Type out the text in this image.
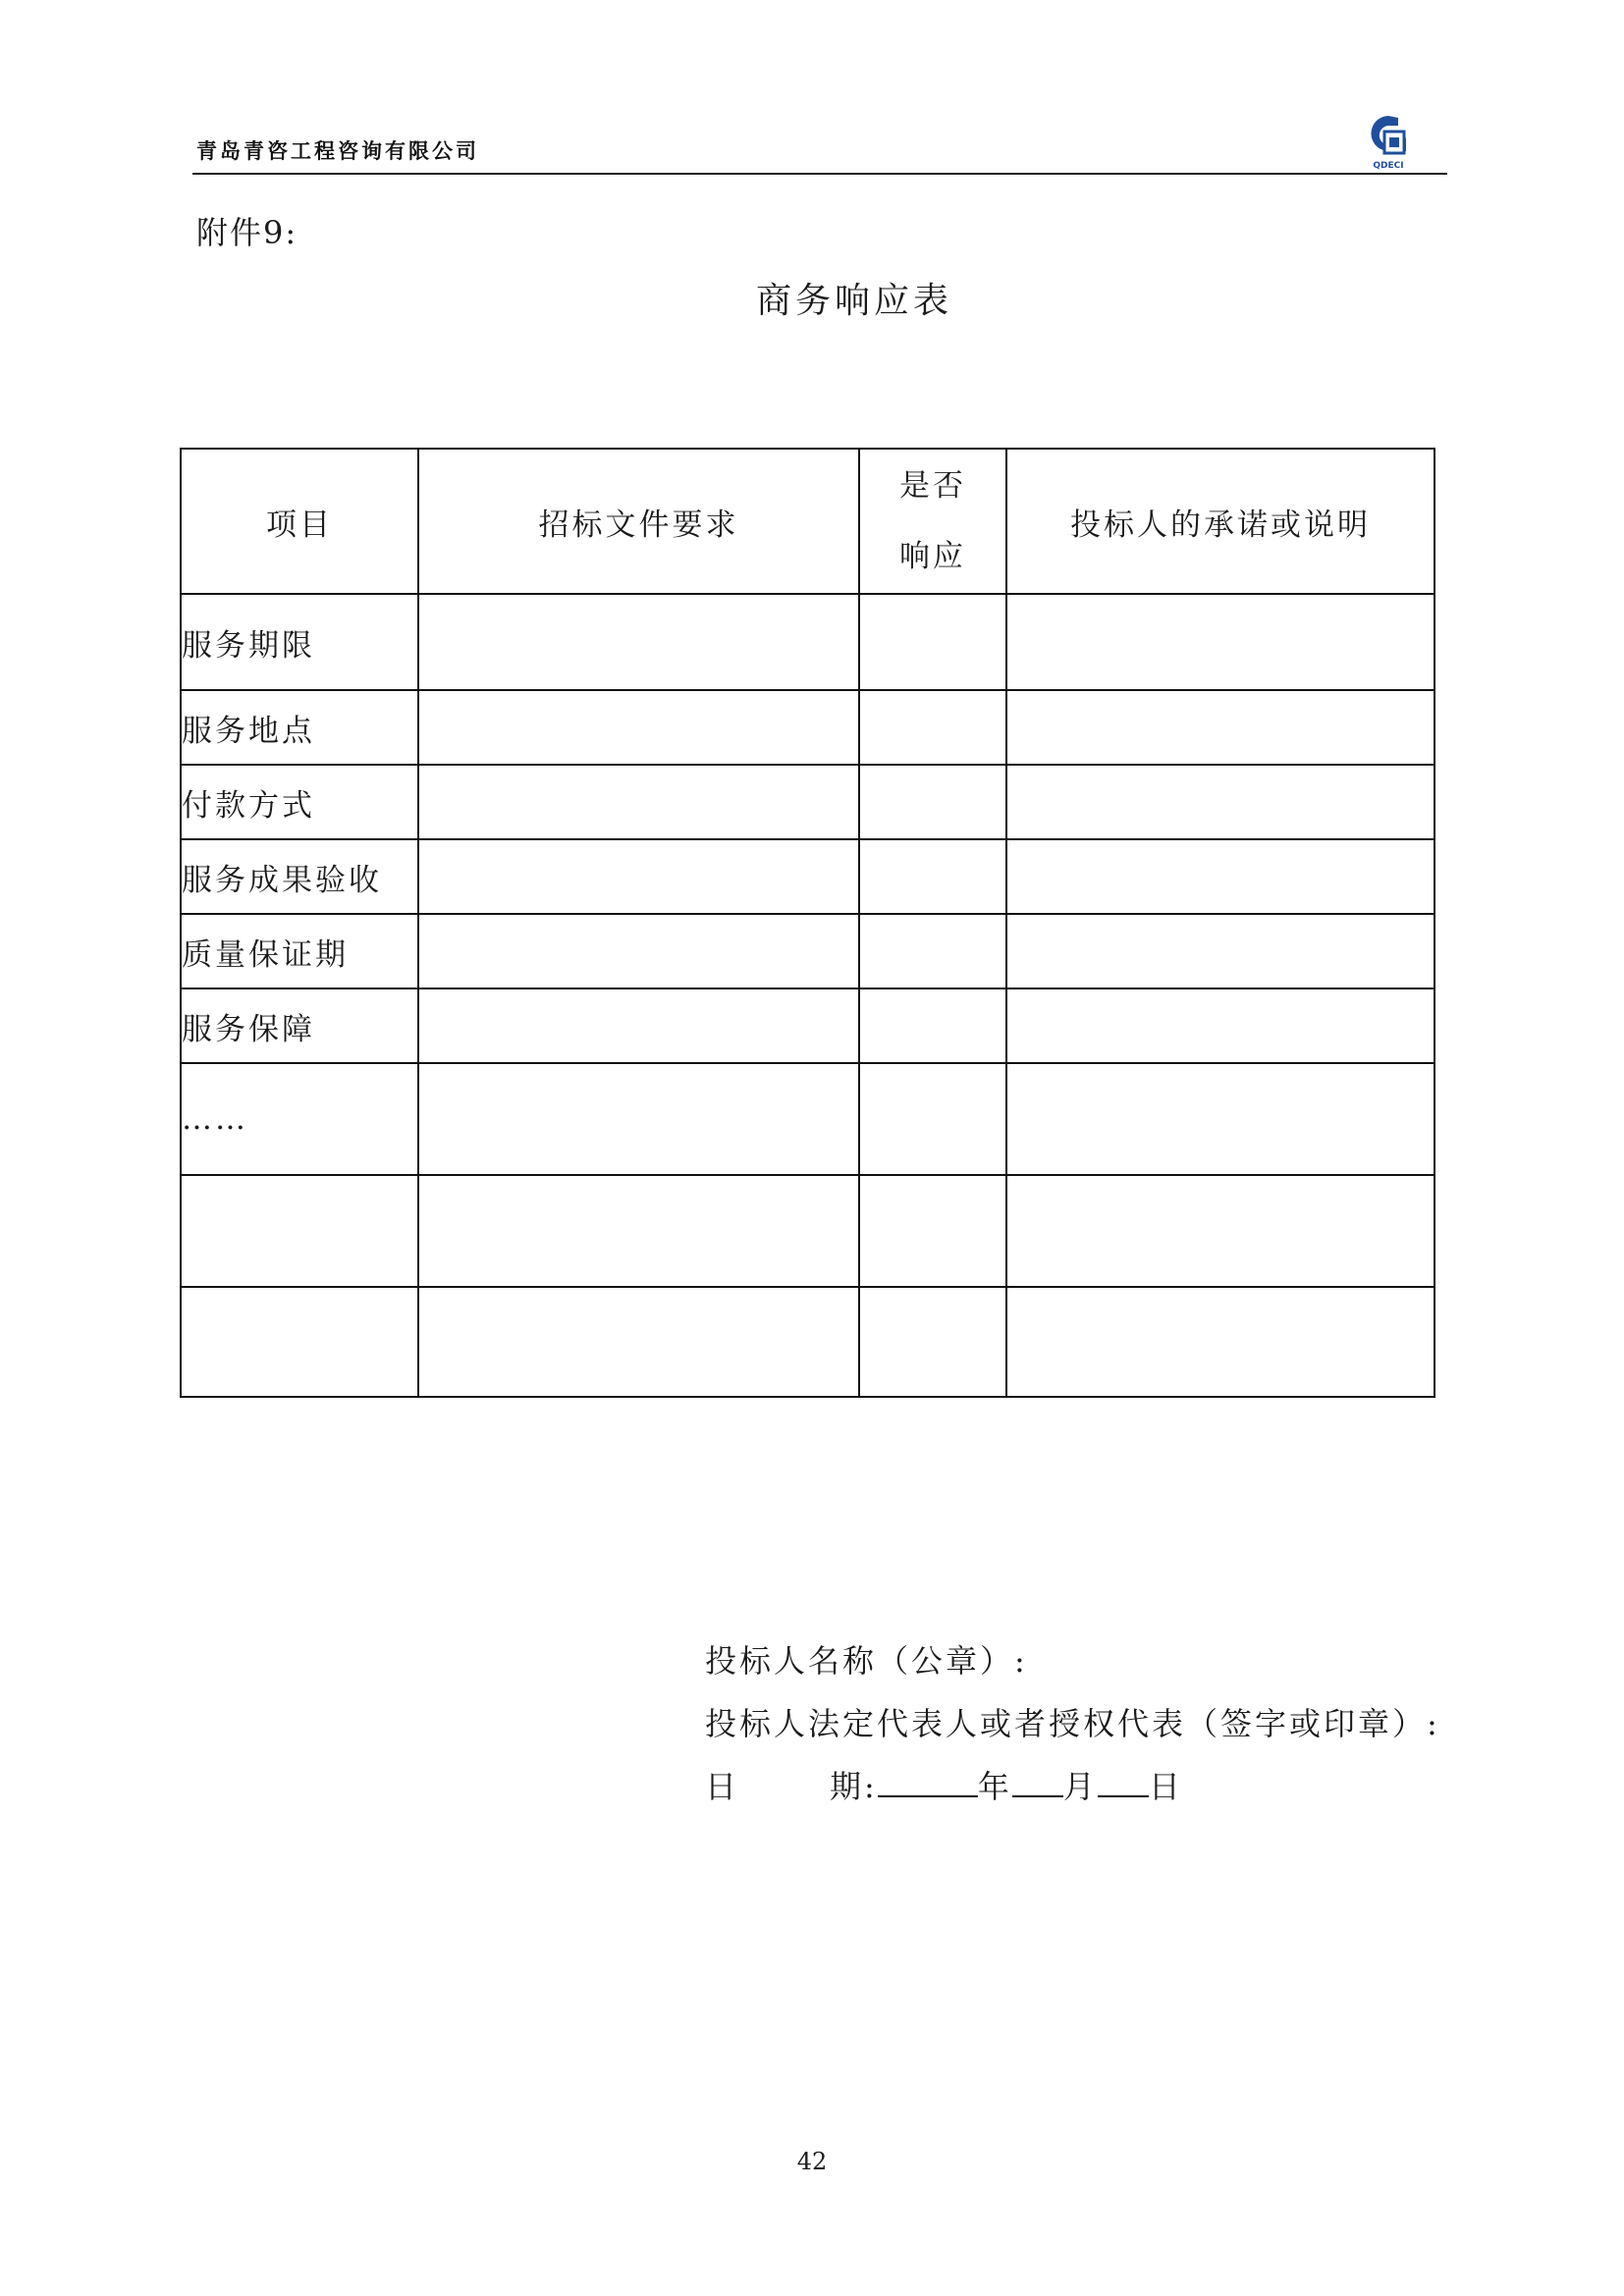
青岛青咨工程咨询有限公司
QDECI
附件9:
商务响应表
项目	招标文件要求	是否
响应	投标人的承诺或说明
服务期限			
服务地点			
付款方式			
服务成果验收			
质量保证期			
服务保障			
……			

投标人名称（公章）:
投标人法定代表人或者授权代表（签字或印章）:
日	期:	年 月 日
42
